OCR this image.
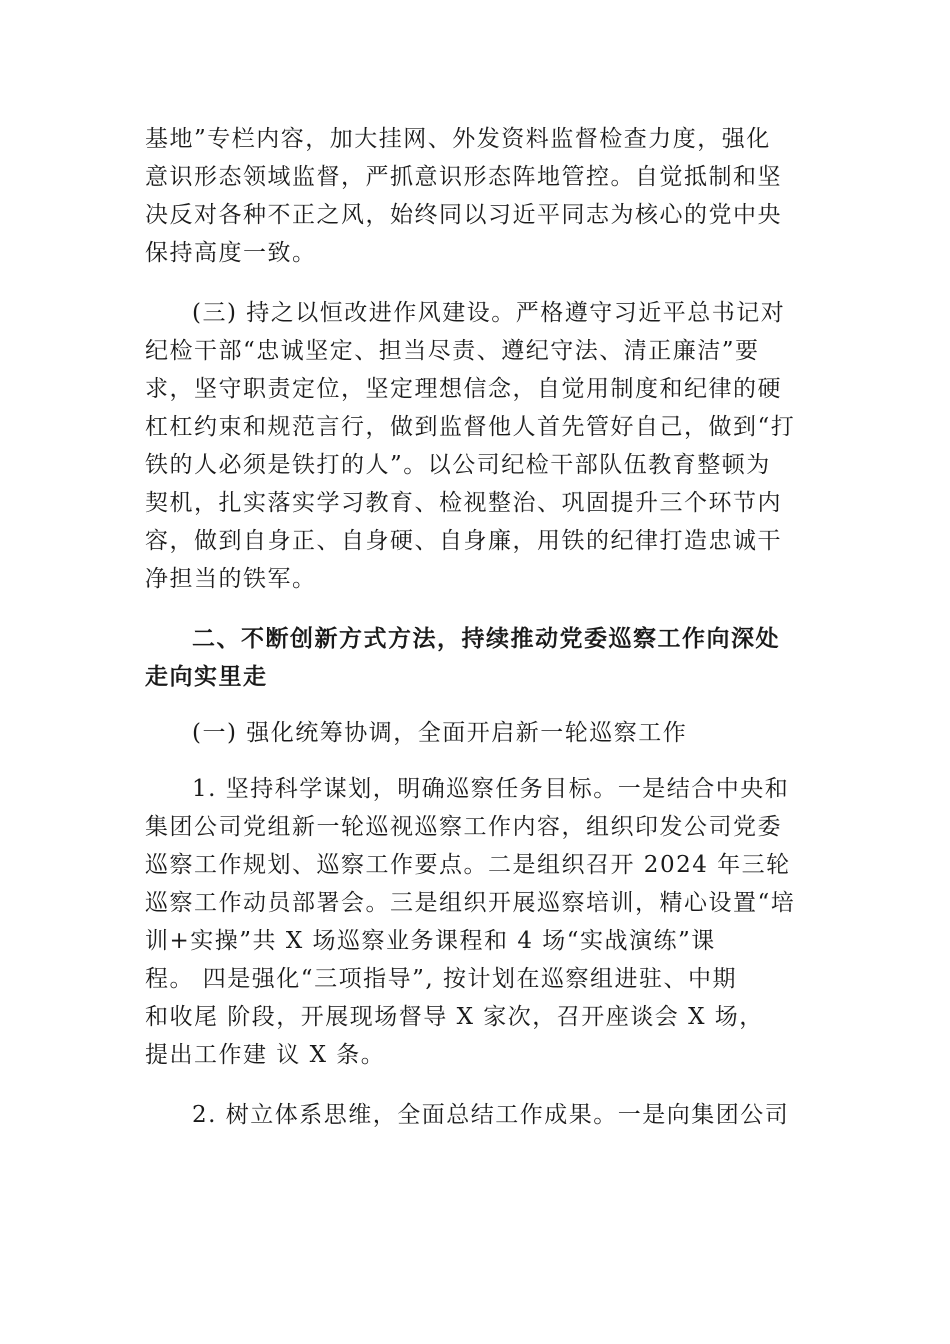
基地”专栏内容，加大挂网、外发资料监督检查力度，强化
意识形态领域监督，严抓意识形态阵地管控。自觉抵制和坚
决反对各种不正之风，始终同以习近平同志为核心的党中央
保持高度一致。
(三) 持之以恒改进作风建设。严格遵守习近平总书记对
纪检干部“忠诚坚定、担当尽责、遵纪守法、清正廉洁”要
求，坚守职责定位，坚定理想信念，自觉用制度和纪律的硬
杠杠约束和规范言行，做到监督他人首先管好自己，做到“打
铁的人必须是铁打的人”。以公司纪检干部队伍教育整顿为
契机，扎实落实学习教育、检视整治、巩固提升三个环节内
容，做到自身正、自身硬、自身廉，用铁的纪律打造忠诚干
净担当的铁军。
二、不断创新方式方法，持续推动党委巡察工作向深处
走向实里走
(一) 强化统筹协调，全面开启新一轮巡察工作
1. 坚持科学谋划，明确巡察任务目标。一是结合中央和
集团公司党组新一轮巡视巡察工作内容，组织印发公司党委
巡察工作规划、巡察工作要点。二是组织召开 2024 年三轮
巡察工作动员部署会。三是组织开展巡察培训，精心设置“培
训+实操”共 X 场巡察业务课程和 4 场“实战演练”课
程。 四是强化“三项指导”, 按计划在巡察组进驻、中期
和收尾 阶段，开展现场督导 X 家次，召开座谈会 X 场，
提出工作建 议 X 条。
2. 树立体系思维，全面总结工作成果。一是向集团公司
